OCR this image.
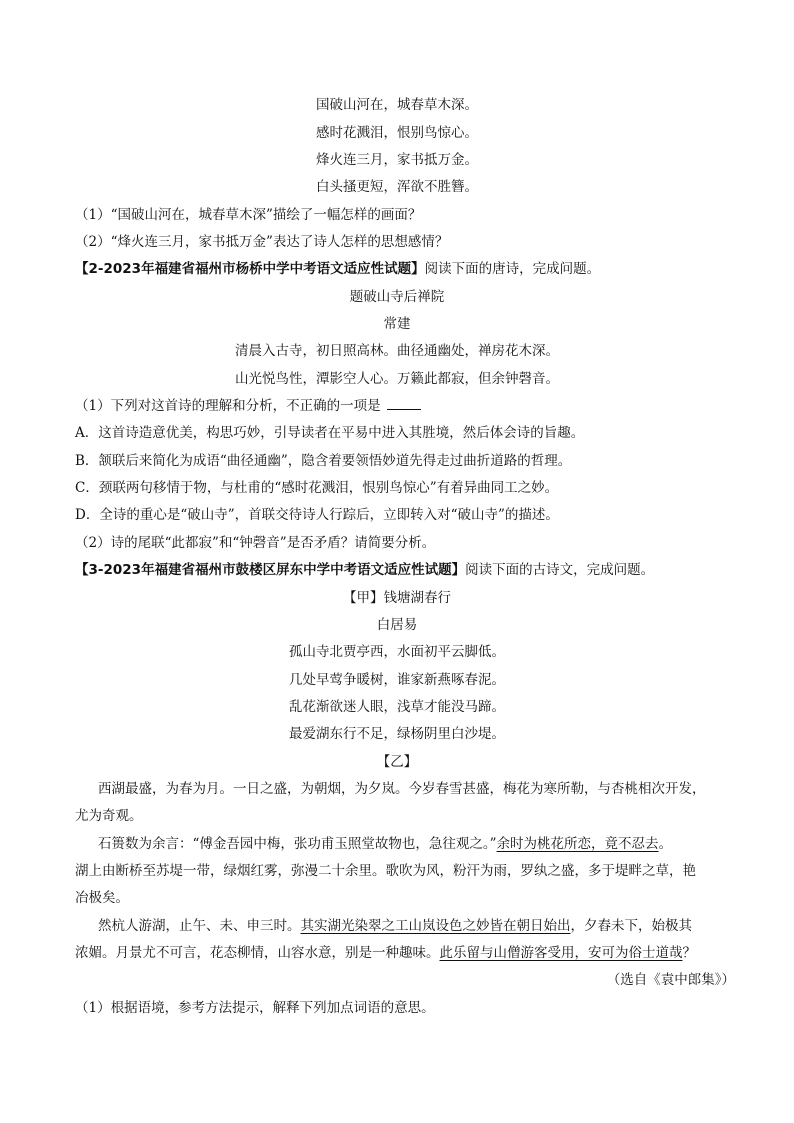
国破山河在，城春草木深。
感时花溅泪，恨别鸟惊心。
烽火连三月，家书抵万金。
白头搔更短，浑欲不胜簪。
（1）“国破山河在，城春草木深”描绘了一幅怎样的画面？
（2）“烽火连三月，家书抵万金”表达了诗人怎样的思想感情？
【2-2023年福建省福州市杨桥中学中考语文适应性试题】阅读下面的唐诗，完成问题。
题破山寺后禅院
常建
清晨入古寺，初日照高林。曲径通幽处，禅房花木深。
山光悦鸟性，潭影空人心。万籁此都寂，但余钟磬音。
（1）下列对这首诗的理解和分析，不正确的一项是
A．这首诗造意优美，构思巧妙，引导读者在平易中进入其胜境，然后体会诗的旨趣。
B．颔联后来简化为成语“曲径通幽”，隐含着要领悟妙道先得走过曲折道路的哲理。
C．颈联两句移情于物，与杜甫的“感时花溅泪，恨别鸟惊心”有着异曲同工之妙。
D．全诗的重心是“破山寺”，首联交待诗人行踪后，立即转入对“破山寺”的描述。
（2）诗的尾联“此都寂”和“钟磬音”是否矛盾？请简要分析。
【3-2023年福建省福州市鼓楼区屏东中学中考语文适应性试题】阅读下面的古诗文，完成问题。
【甲】钱塘湖春行
白居易
孤山寺北贾亭西，水面初平云脚低。
几处早莺争暖树，谁家新燕啄春泥。
乱花渐欲迷人眼，浅草才能没马蹄。
最爱湖东行不足，绿杨阴里白沙堤。
【乙】
西湖最盛，为春为月。一日之盛，为朝烟，为夕岚。今岁春雪甚盛，梅花为寒所勒，与杏桃相次开发，
尤为奇观。
石篑数为余言：“傅金吾园中梅，张功甫玉照堂故物也，急往观之。”余时为桃花所恋，竟不忍去。
湖上由断桥至苏堤一带，绿烟红雾，弥漫二十余里。歌吹为风，粉汗为雨，罗纨之盛，多于堤畔之草，艳
冶极矣。
然杭人游湖，止午、未、申三时。其实湖光染翠之工山岚设色之妙皆在朝日始出，夕舂未下，始极其
浓媚。月景尤不可言，花态柳情，山容水意，别是一种趣味。此乐留与山僧游客受用，安可为俗士道哉？
（选自《袁中郎集》）
（1）根据语境，参考方法提示，解释下列加点词语的意思。
